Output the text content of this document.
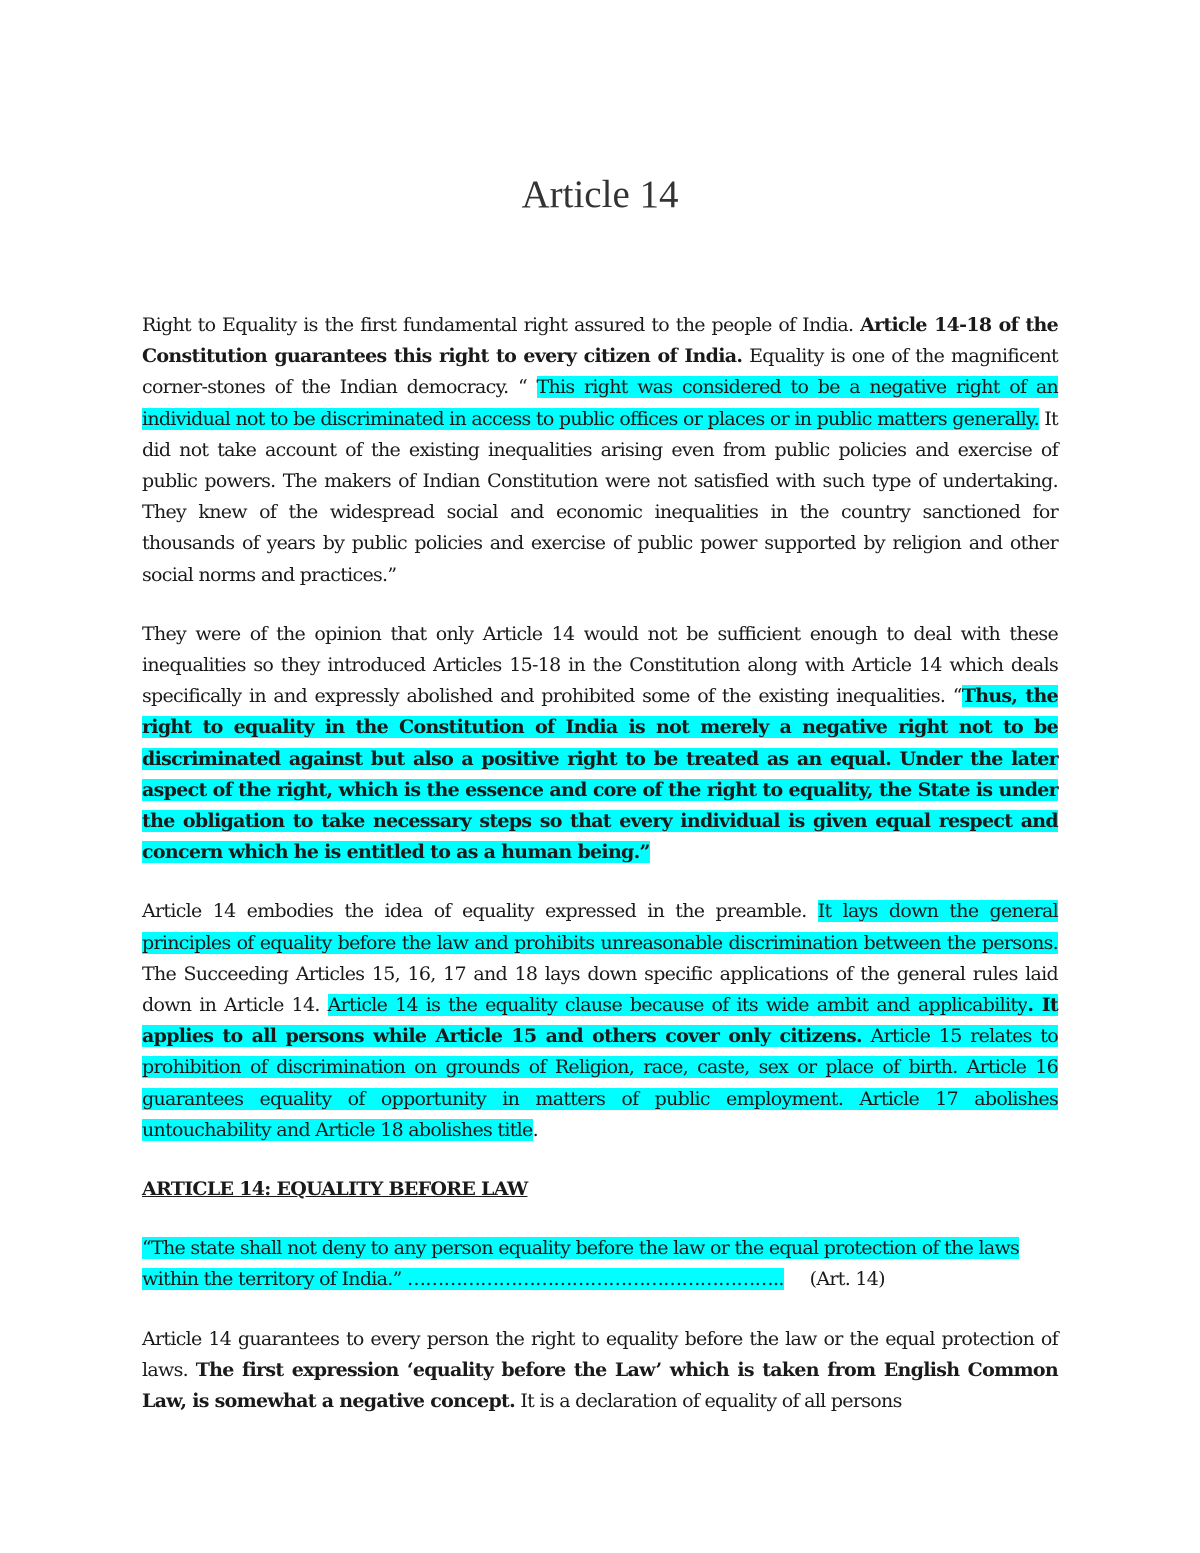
Article 14

Right to Equality is the first fundamental right assured to the people of India. Article 14-18 of the Constitution guarantees this right to every citizen of India. Equality is one of the magnificent corner-stones of the Indian democracy. “ This right was considered to be a negative right of an individual not to be discriminated in access to public offices or places or in public matters generally. It did not take account of the existing inequalities arising even from public policies and exercise of public powers. The makers of Indian Constitution were not satisfied with such type of undertaking. They knew of the widespread social and economic inequalities in the country sanctioned for thousands of years by public policies and exercise of public power supported by religion and other social norms and practices.”

They were of the opinion that only Article 14 would not be sufficient enough to deal with these inequalities so they introduced Articles 15-18 in the Constitution along with Article 14 which deals specifically in and expressly abolished and prohibited some of the existing inequalities. “Thus, the right to equality in the Constitution of India is not merely a negative right not to be discriminated against but also a positive right to be treated as an equal. Under the later aspect of the right, which is the essence and core of the right to equality, the State is under the obligation to take necessary steps so that every individual is given equal respect and concern which he is entitled to as a human being.”

Article 14 embodies the idea of equality expressed in the preamble. It lays down the general principles of equality before the law and prohibits unreasonable discrimination between the persons. The Succeeding Articles 15, 16, 17 and 18 lays down specific applications of the general rules laid down in Article 14. Article 14 is the equality clause because of its wide ambit and applicability. It applies to all persons while Article 15 and others cover only citizens. Article 15 relates to prohibition of discrimination on grounds of Religion, race, caste, sex or place of birth. Article 16 guarantees equality of opportunity in matters of public employment. Article 17 abolishes untouchability and Article 18 abolishes title.

ARTICLE 14: EQUALITY BEFORE LAW

“The state shall not deny to any person equality before the law or the equal protection of the laws within the territory of India.” …………………………………………………….. (Art. 14)

Article 14 guarantees to every person the right to equality before the law or the equal protection of laws. The first expression ‘equality before the Law’ which is taken from English Common Law, is somewhat a negative concept. It is a declaration of equality of all persons
